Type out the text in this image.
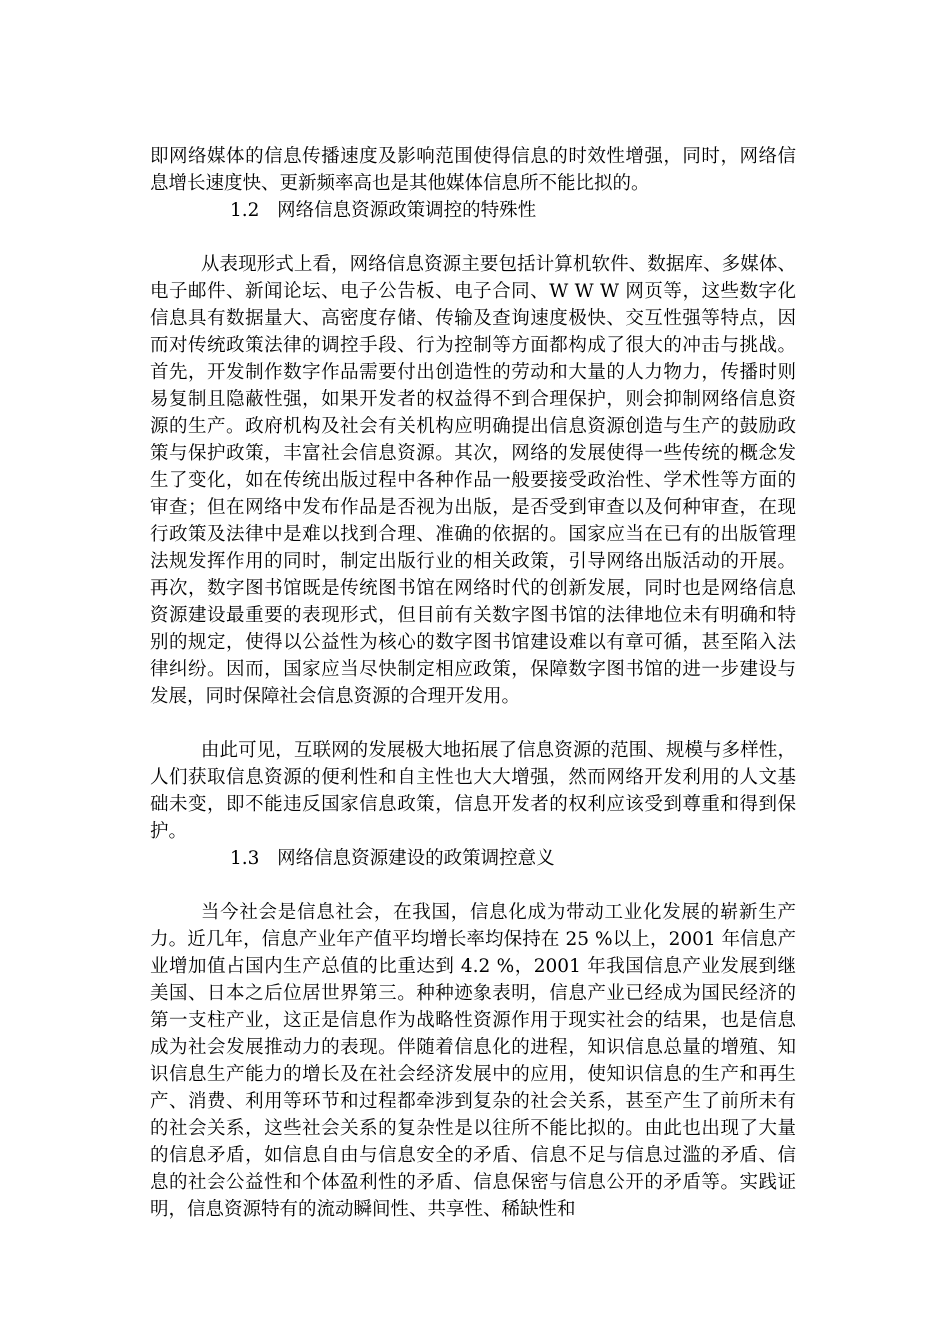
即网络媒体的信息传播速度及影响范围使得信息的时效性增强，同时，网络信息增长速度快、更新频率高也是其他媒体信息所不能比拟的。

1.2   网络信息资源政策调控的特殊性

从表现形式上看，网络信息资源主要包括计算机软件、数据库、多媒体、电子邮件、新闻论坛、电子公告板、电子合同、W W W 网页等，这些数字化信息具有数据量大、高密度存储、传输及查询速度极快、交互性强等特点，因而对传统政策法律的调控手段、行为控制等方面都构成了很大的冲击与挑战。首先，开发制作数字作品需要付出创造性的劳动和大量的人力物力，传播时则易复制且隐蔽性强，如果开发者的权益得不到合理保护，则会抑制网络信息资源的生产。政府机构及社会有关机构应明确提出信息资源创造与生产的鼓励政策与保护政策，丰富社会信息资源。其次，网络的发展使得一些传统的概念发生了变化，如在传统出版过程中各种作品一般要接受政治性、学术性等方面的审查；但在网络中发布作品是否视为出版，是否受到审查以及何种审查，在现行政策及法律中是难以找到合理、准确的依据的。国家应当在已有的出版管理法规发挥作用的同时，制定出版行业的相关政策，引导网络出版活动的开展。再次，数字图书馆既是传统图书馆在网络时代的创新发展，同时也是网络信息资源建设最重要的表现形式，但目前有关数字图书馆的法律地位未有明确和特别的规定，使得以公益性为核心的数字图书馆建设难以有章可循，甚至陷入法律纠纷。因而，国家应当尽快制定相应政策，保障数字图书馆的进一步建设与发展，同时保障社会信息资源的合理开发用。

由此可见，互联网的发展极大地拓展了信息资源的范围、规模与多样性，人们获取信息资源的便利性和自主性也大大增强，然而网络开发利用的人文基础未变，即不能违反国家信息政策，信息开发者的权利应该受到尊重和得到保护。

1.3   网络信息资源建设的政策调控意义

当今社会是信息社会，在我国，信息化成为带动工业化发展的崭新生产力。近几年，信息产业年产值平均增长率均保持在 25 %以上，2001 年信息产业增加值占国内生产总值的比重达到 4.2 %，2001 年我国信息产业发展到继美国、日本之后位居世界第三。种种迹象表明，信息产业已经成为国民经济的第一支柱产业，这正是信息作为战略性资源作用于现实社会的结果，也是信息成为社会发展推动力的表现。伴随着信息化的进程，知识信息总量的增殖、知识信息生产能力的增长及在社会经济发展中的应用，使知识信息的生产和再生产、消费、利用等环节和过程都牵涉到复杂的社会关系，甚至产生了前所未有的社会关系，这些社会关系的复杂性是以往所不能比拟的。由此也出现了大量的信息矛盾，如信息自由与信息安全的矛盾、信息不足与信息过滥的矛盾、信息的社会公益性和个体盈利性的矛盾、信息保密与信息公开的矛盾等。实践证明，信息资源特有的流动瞬间性、共享性、稀缺性和
